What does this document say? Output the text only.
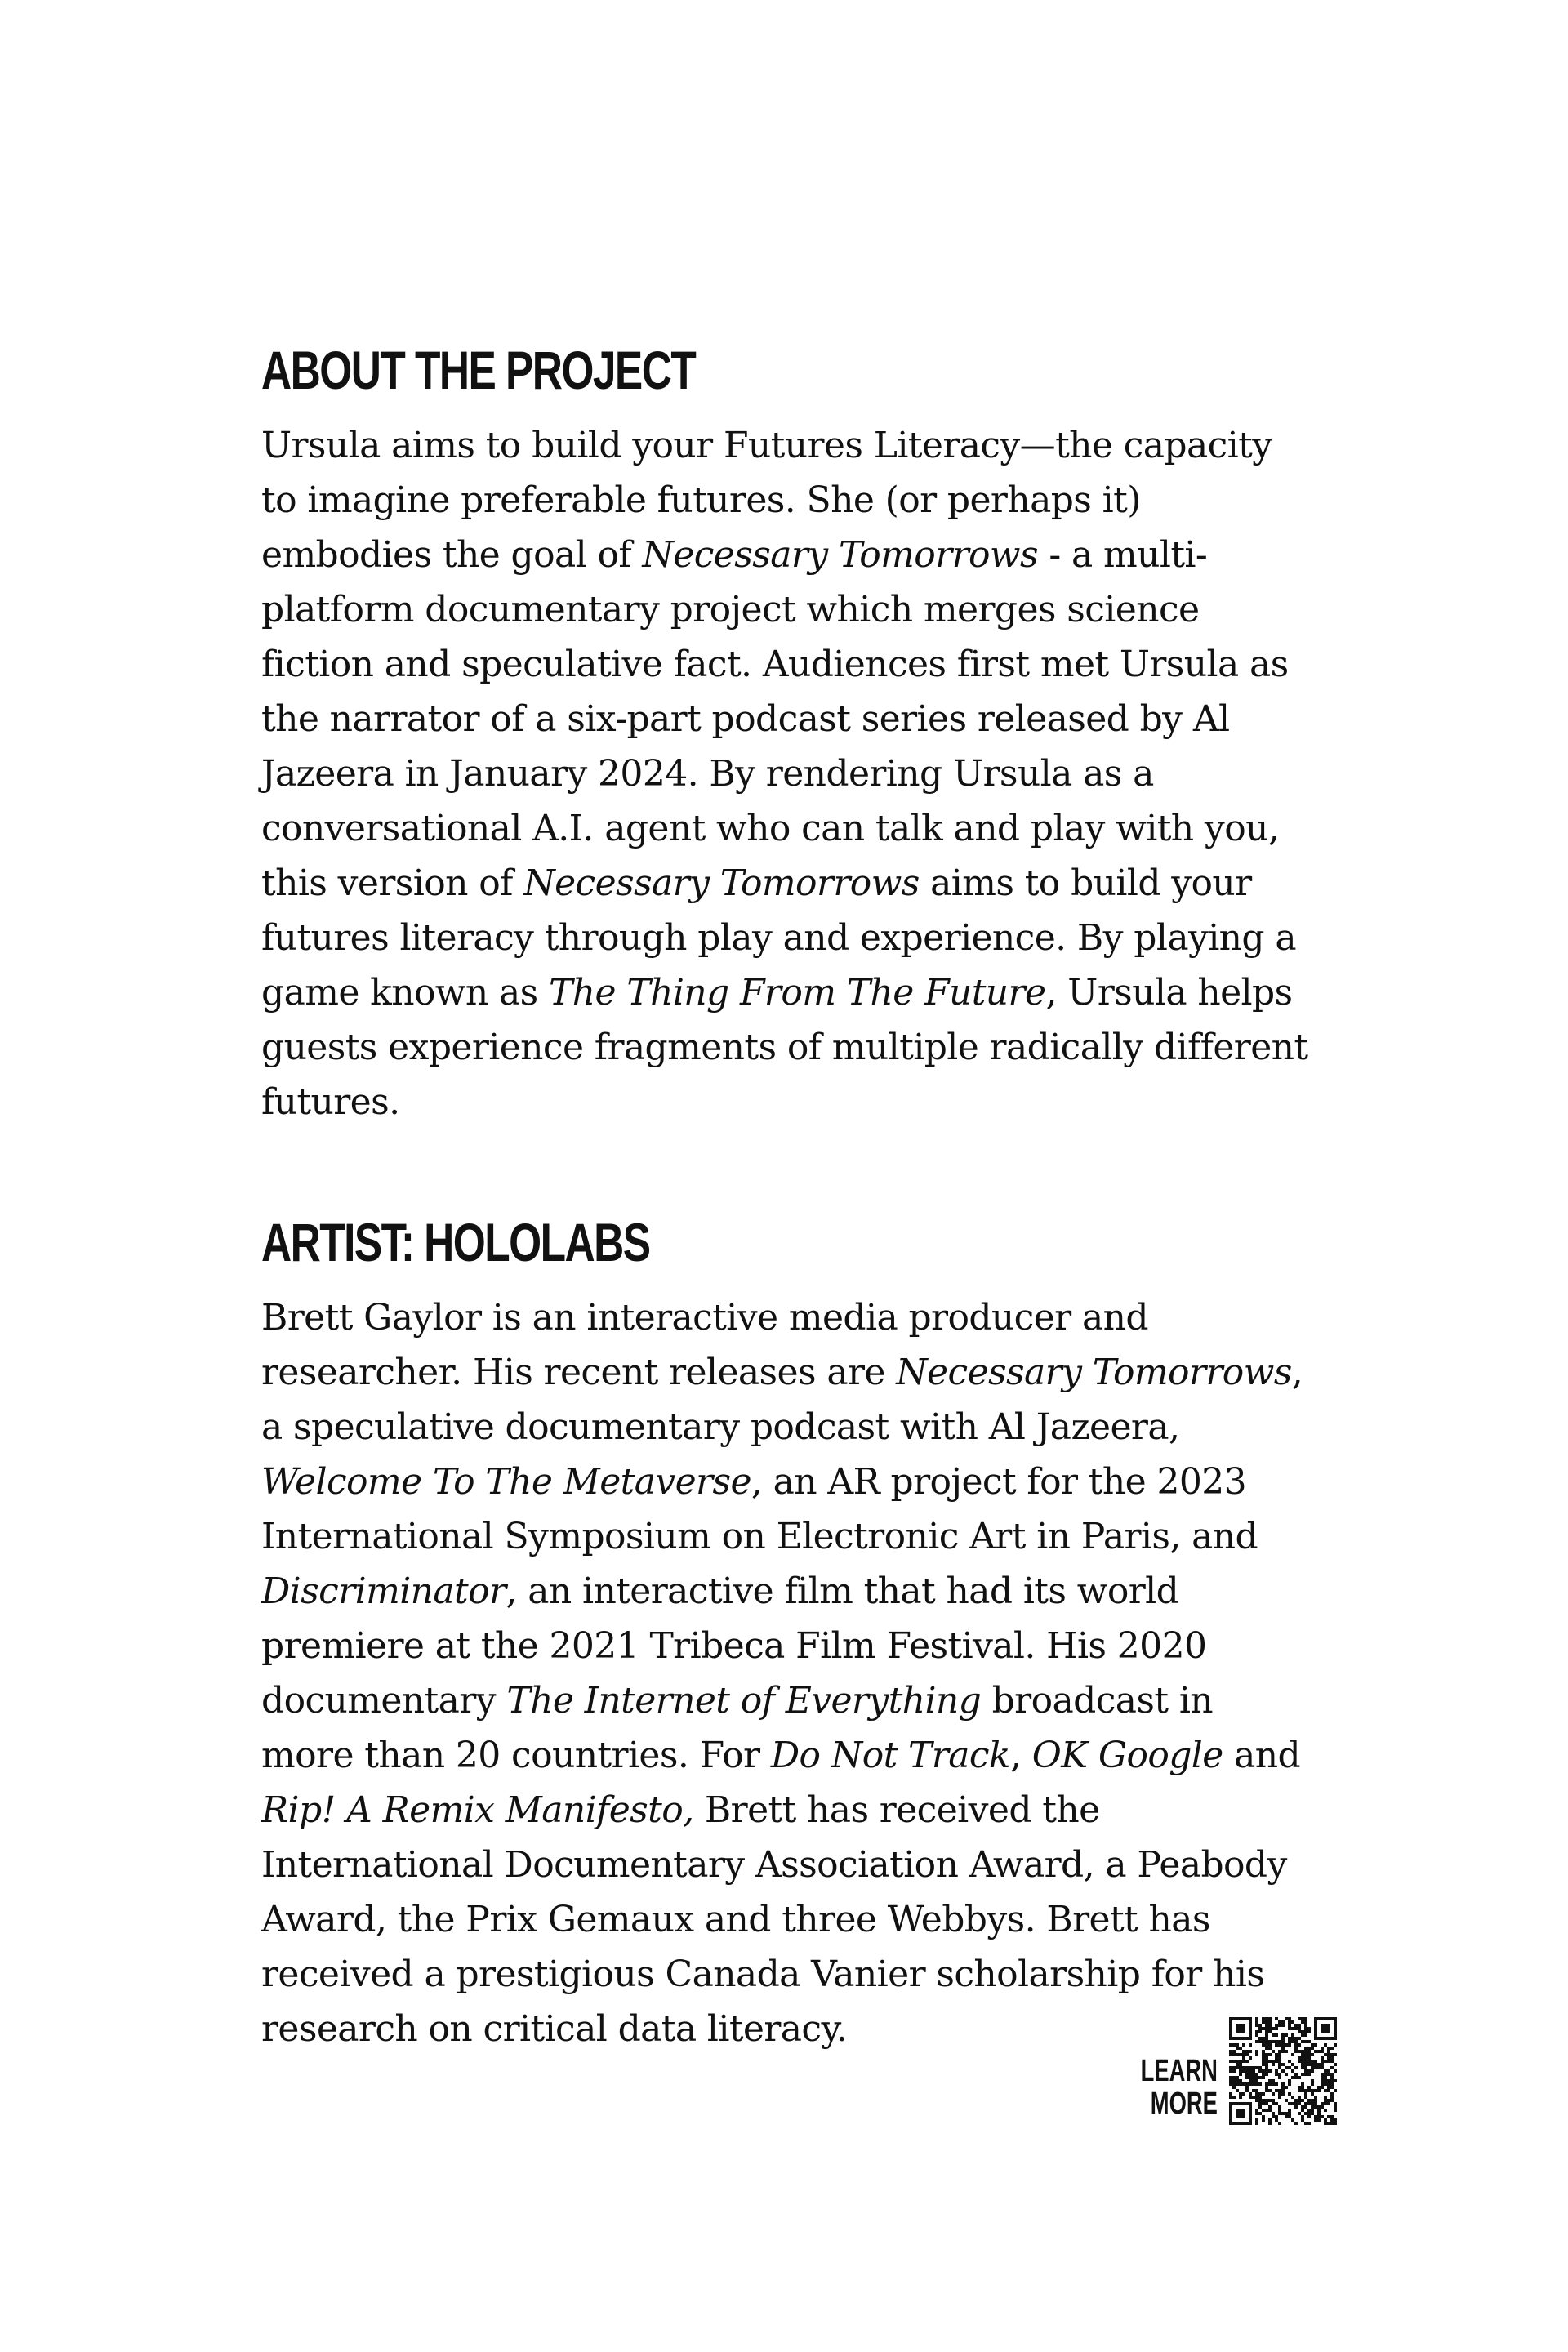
ABOUT THE PROJECT

Ursula aims to build your Futures Literacy—the capacity to imagine preferable futures. She (or perhaps it) embodies the goal of Necessary Tomorrows - a multi-platform documentary project which merges science fiction and speculative fact. Audiences first met Ursula as the narrator of a six-part podcast series released by Al Jazeera in January 2024. By rendering Ursula as a conversational A.I. agent who can talk and play with you, this version of Necessary Tomorrows aims to build your futures literacy through play and experience. By playing a game known as The Thing From The Future, Ursula helps guests experience fragments of multiple radically different futures.

ARTIST: HOLOLABS

Brett Gaylor is an interactive media producer and researcher. His recent releases are Necessary Tomorrows, a speculative documentary podcast with Al Jazeera, Welcome To The Metaverse, an AR project for the 2023 International Symposium on Electronic Art in Paris, and Discriminator, an interactive film that had its world premiere at the 2021 Tribeca Film Festival. His 2020 documentary The Internet of Everything broadcast in more than 20 countries. For Do Not Track, OK Google and Rip! A Remix Manifesto, Brett has received the International Documentary Association Award, a Peabody Award, the Prix Gemaux and three Webbys. Brett has received a prestigious Canada Vanier scholarship for his research on critical data literacy.

LEARN
MORE
